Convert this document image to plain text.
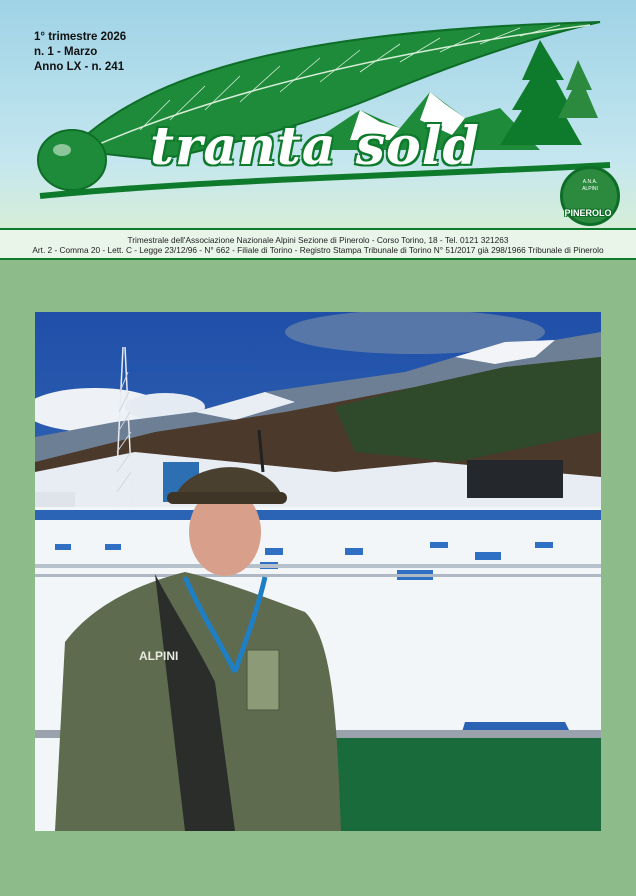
1° trimestre 2026
n. 1 - Marzo
Anno LX - n. 241
tranta sold
A.N.A.
ALPINI
PINEROLO
Trimestrale dell'Associazione Nazionale Alpini Sezione di Pinerolo - Corso Torino, 18 - Tel. 0121 321263
Art. 2 - Comma 20 - Lett. C - Legge 23/12/96 - N° 662 - Filiale di Torino - Registro Stampa Tribunale di Torino N° 51/2017 già 298/1966 Tribunale di Pinerolo
ALPINI
